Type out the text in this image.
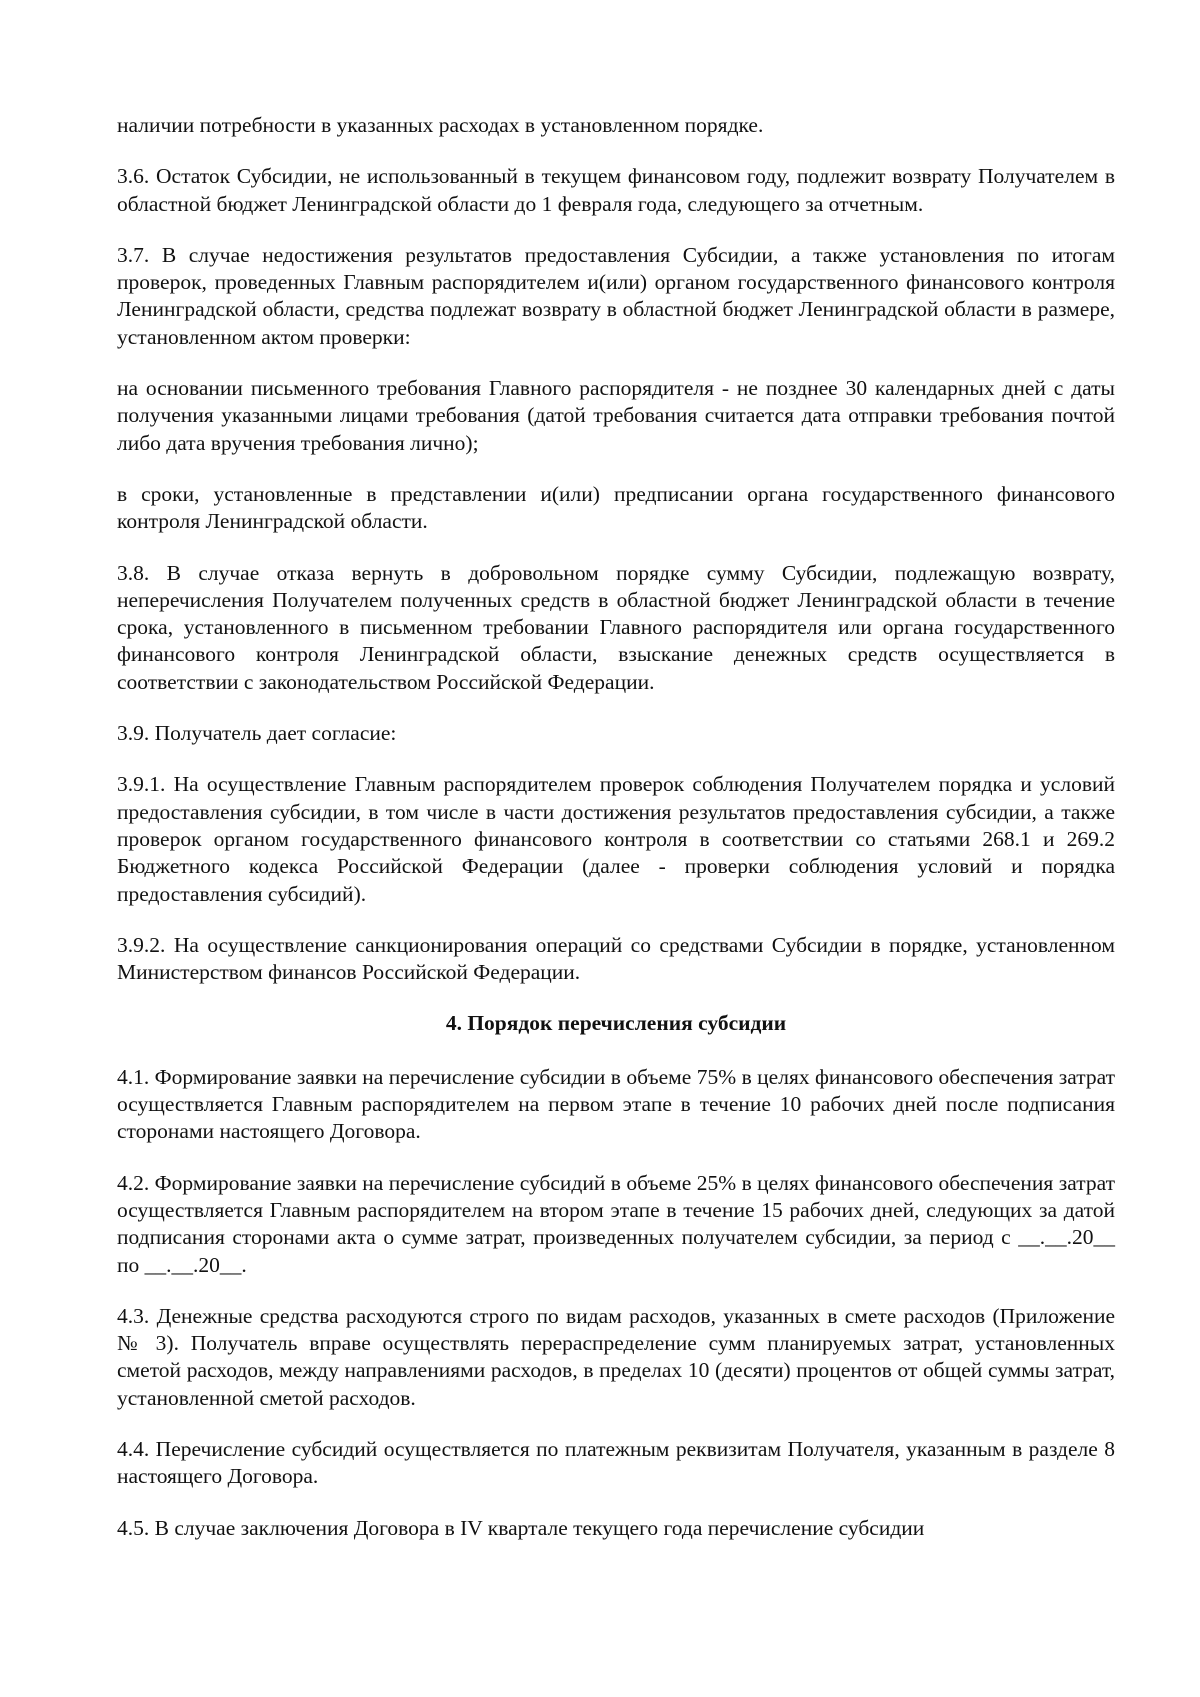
наличии потребности в указанных расходах в установленном порядке.

3.6. Остаток Субсидии, не использованный в текущем финансовом году, подлежит возврату Получателем в областной бюджет Ленинградской области до 1 февраля года, следующего за отчетным.

3.7. В случае недостижения результатов предоставления Субсидии, а также установления по итогам проверок, проведенных Главным распорядителем и(или) органом государственного финансового контроля Ленинградской области, средства подлежат возврату в областной бюджет Ленинградской области в размере, установленном актом проверки:

на основании письменного требования Главного распорядителя - не позднее 30 календарных дней с даты получения указанными лицами требования (датой требования считается дата отправки требования почтой либо дата вручения требования лично);

в сроки, установленные в представлении и(или) предписании органа государственного финансового контроля Ленинградской области.

3.8. В случае отказа вернуть в добровольном порядке сумму Субсидии, подлежащую возврату, неперечисления Получателем полученных средств в областной бюджет Ленинградской области в течение срока, установленного в письменном требовании Главного распорядителя или органа государственного финансового контроля Ленинградской области, взыскание денежных средств осуществляется в соответствии с законодательством Российской Федерации.

3.9. Получатель дает согласие:

3.9.1. На осуществление Главным распорядителем проверок соблюдения Получателем порядка и условий предоставления субсидии, в том числе в части достижения результатов предоставления субсидии, а также проверок органом государственного финансового контроля в соответствии со статьями 268.1 и 269.2 Бюджетного кодекса Российской Федерации (далее - проверки соблюдения условий и порядка предоставления субсидий).

3.9.2. На осуществление санкционирования операций со средствами Субсидии в порядке, установленном Министерством финансов Российской Федерации.

4. Порядок перечисления субсидии

4.1. Формирование заявки на перечисление субсидии в объеме 75% в целях финансового обеспечения затрат осуществляется Главным распорядителем на первом этапе в течение 10 рабочих дней после подписания сторонами настоящего Договора.

4.2. Формирование заявки на перечисление субсидий в объеме 25% в целях финансового обеспечения затрат осуществляется Главным распорядителем на втором этапе в течение 15 рабочих дней, следующих за датой подписания сторонами акта о сумме затрат, произведенных получателем субсидии, за период с __.__.20__ по __.__.20__.

4.3. Денежные средства расходуются строго по видам расходов, указанных в смете расходов (Приложение № 3). Получатель вправе осуществлять перераспределение сумм планируемых затрат, установленных сметой расходов, между направлениями расходов, в пределах 10 (десяти) процентов от общей суммы затрат, установленной сметой расходов.

4.4. Перечисление субсидий осуществляется по платежным реквизитам Получателя, указанным в разделе 8 настоящего Договора.

4.5. В случае заключения Договора в IV квартале текущего года перечисление субсидии
